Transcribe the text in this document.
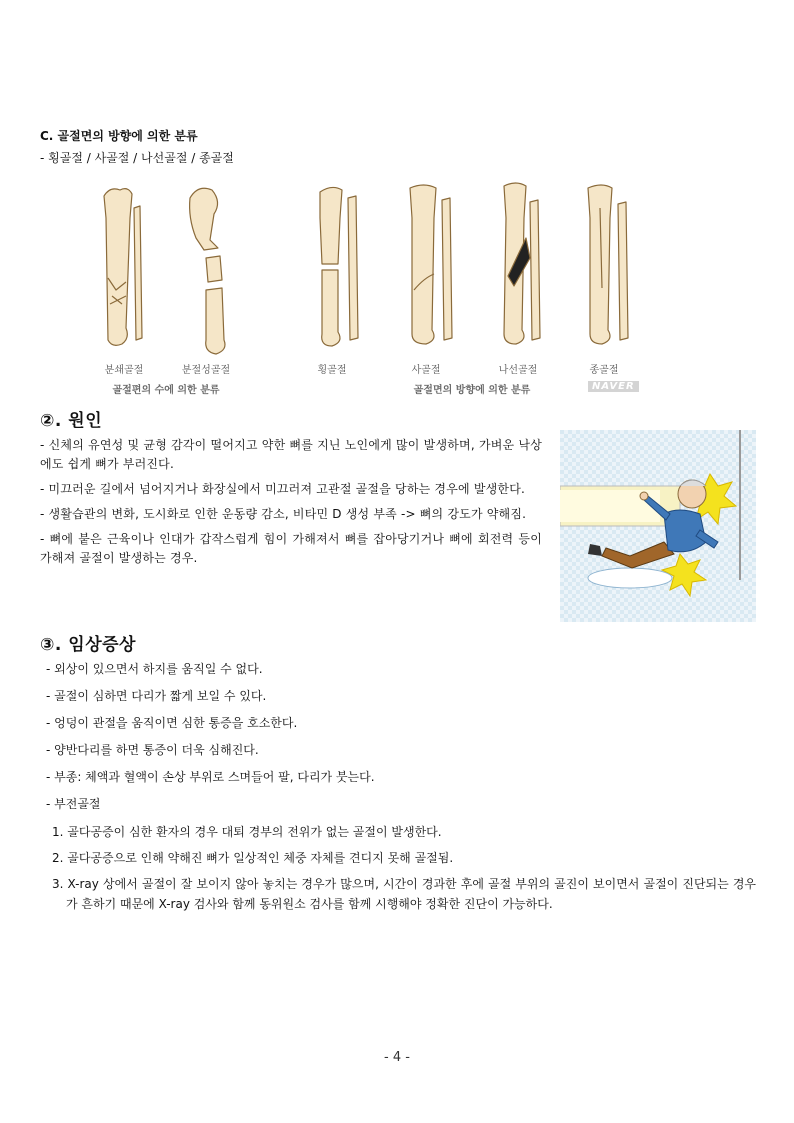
C. 골절면의 방향에 의한 분류
- 횡골절 / 사골절 / 나선골절 / 종골절
분쇄골절	분절성골절	횡골절	사골절	나선골절	종골절
골절편의 수에 의한 분류	골절면의 방향에 의한 분류	NAVER
②. 원인
- 신체의 유연성 및 균형 감각이 떨어지고 약한 뼈를 지닌 노인에게 많이 발생하며, 가벼운 낙상에도 쉽게 뼈가 부러진다.
- 미끄러운 길에서 넘어지거나 화장실에서 미끄러져 고관절 골절을 당하는 경우에 발생한다.
- 생활습관의 변화, 도시화로 인한 운동량 감소, 비타민 D 생성 부족 -> 뼈의 강도가 약해짐.
- 뼈에 붙은 근육이나 인대가 갑작스럽게 힘이 가해져서 뼈를 잡아당기거나 뼈에 회전력 등이 가해져 골절이 발생하는 경우.
③. 임상증상
- 외상이 있으면서 하지를 움직일 수 없다.
- 골절이 심하면 다리가 짧게 보일 수 있다.
- 엉덩이 관절을 움직이면 심한 통증을 호소한다.
- 양반다리를 하면 통증이 더욱 심해진다.
- 부종: 체액과 혈액이 손상 부위로 스며들어 팔, 다리가 붓는다.
- 부전골절
1. 골다공증이 심한 환자의 경우 대퇴 경부의 전위가 없는 골절이 발생한다.
2. 골다공증으로 인해 약해진 뼈가 일상적인 체중 자체를 견디지 못해 골절됨.
3. X-ray 상에서 골절이 잘 보이지 않아 놓치는 경우가 많으며, 시간이 경과한 후에 골절 부위의 골진이 보이면서 골절이 진단되는 경우가 흔하기 때문에 X-ray 검사와 함께 동위원소 검사를 함께 시행해야 정확한 진단이 가능하다.
- 4 -
